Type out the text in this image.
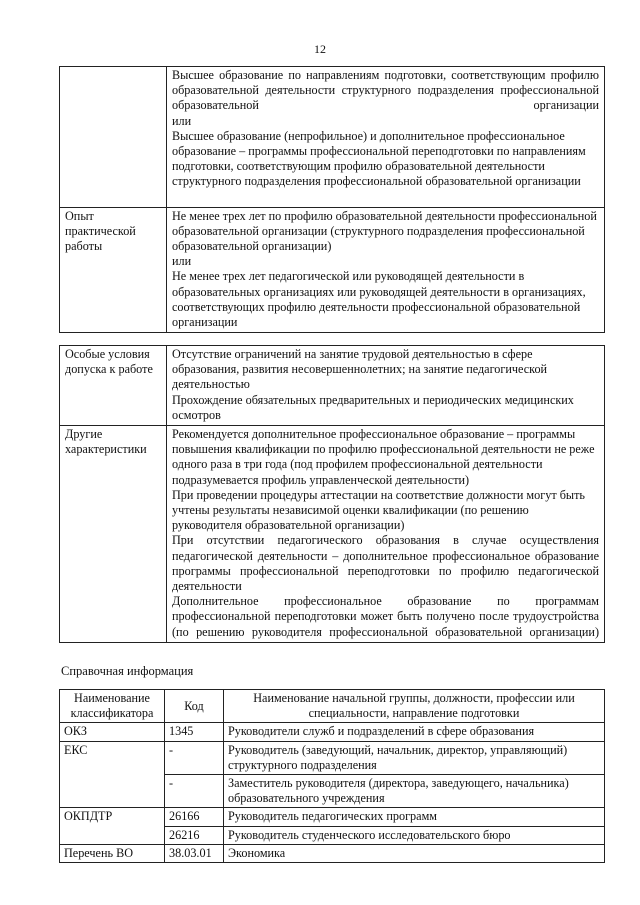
12

	Высшее образование по направлениям подготовки, соответствующим профилю образовательной деятельности структурного подразделения профессиональной образовательной организации

или

Высшее образование (непрофильное) и дополнительное профессиональное образование – программы профессиональной переподготовки по направлениям подготовки, соответствующим профилю образовательной деятельности структурного подразделения профессиональной образовательной организации

Опыт практической работы	Не менее трех лет по профилю образовательной деятельности профессиональной образовательной организации (структурного подразделения профессиональной образовательной организации)

или

Не менее трех лет педагогической или руководящей деятельности в образовательных организациях или руководящей деятельности в организациях, соответствующих профилю деятельности профессиональной образовательной организации

Особые условия допуска к работе	Отсутствие ограничений на занятие трудовой деятельностью в сфере образования, развития несовершеннолетних; на занятие педагогической деятельностью

Прохождение обязательных предварительных и периодических медицинских осмотров

Другие характеристики	Рекомендуется дополнительное профессиональное образование – программы повышения квалификации по профилю профессиональной деятельности не реже одного раза в три года (под профилем профессиональной деятельности подразумевается профиль управленческой деятельности)

При проведении процедуры аттестации на соответствие должности могут быть учтены результаты независимой оценки квалификации (по решению руководителя образовательной организации)

При отсутствии педагогического образования в случае осуществления педагогической деятельности – дополнительное профессиональное образование программы профессиональной переподготовки по профилю педагогической деятельности

Дополнительное профессиональное образование по программам профессиональной переподготовки может быть получено после трудоустройства (по решению руководителя профессиональной образовательной организации)

Справочная информация
Наименование классификатора	Код	Наименование начальной группы, должности, профессии или специальности, направление подготовки
ОКЗ	1345	Руководители служб и подразделений в сфере образования
ЕКС	-	Руководитель (заведующий, начальник, директор, управляющий) структурного подразделения
	-	Заместитель руководителя (директора, заведующего, начальника) образовательного учреждения
ОКПДТР	26166	Руководитель педагогических программ
	26216	Руководитель студенческого исследовательского бюро
Перечень ВО	38.03.01	Экономика
